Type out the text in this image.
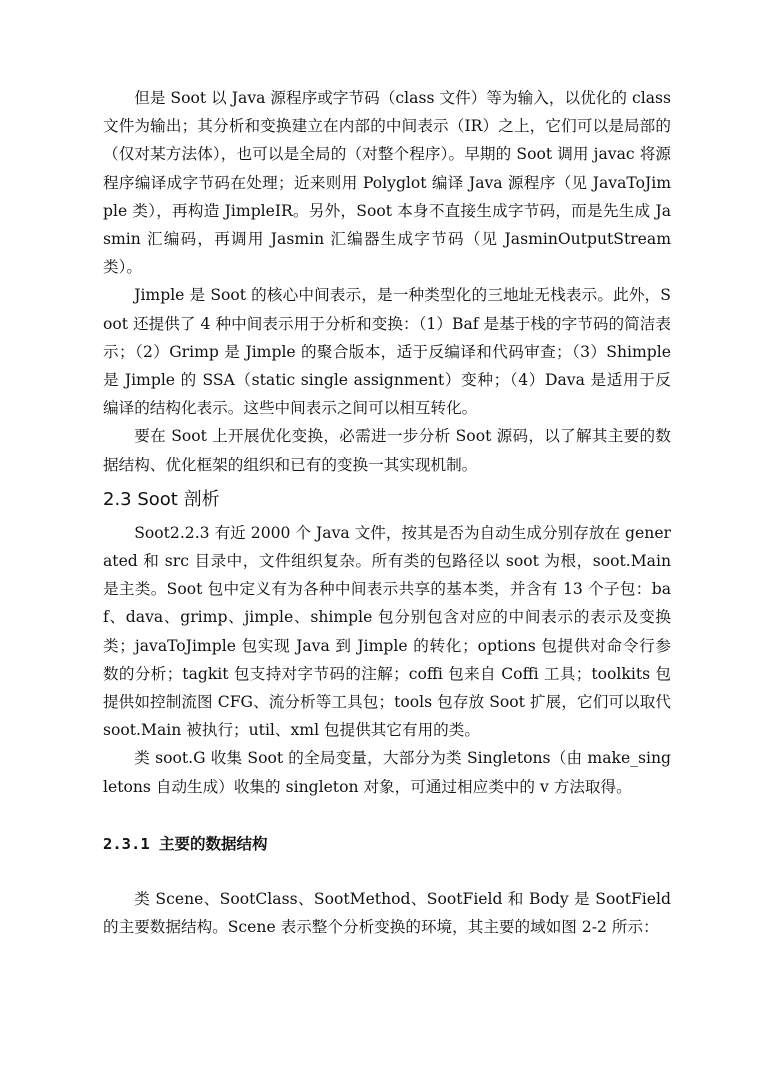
但是 Soot 以 Java 源程序或字节码（class 文件）等为输入，以优化的 class 文件为输出；其分析和变换建立在内部的中间表示（IR）之上，它们可以是局部的（仅对某方法体），也可以是全局的（对整个程序）。早期的 Soot 调用 javac 将源程序编译成字节码在处理；近来则用 Polyglot 编译 Java 源程序（见 JavaToJimple 类），再构造 JimpleIR。另外，Soot 本身不直接生成字节码，而是先生成 Jasmin 汇编码，再调用 Jasmin 汇编器生成字节码（见 JasminOutputStream 类）。

Jimple 是 Soot 的核心中间表示，是一种类型化的三地址无栈表示。此外，Soot 还提供了 4 种中间表示用于分析和变换：（1）Baf 是基于栈的字节码的简洁表示；（2）Grimp 是 Jimple 的聚合版本，适于反编译和代码审查；（3）Shimple 是 Jimple 的 SSA（static single assignment）变种；（4）Dava 是适用于反编译的结构化表示。这些中间表示之间可以相互转化。

要在 Soot 上开展优化变换，必需进一步分析 Soot 源码，以了解其主要的数据结构、优化框架的组织和已有的变换一其实现机制。

2.3 Soot 剖析

Soot2.2.3 有近 2000 个 Java 文件，按其是否为自动生成分别存放在 generated 和 src 目录中，文件组织复杂。所有类的包路径以 soot 为根，soot.Main 是主类。Soot 包中定义有为各种中间表示共享的基本类，并含有 13 个子包：baf、dava、grimp、jimple、shimple 包分别包含对应的中间表示的表示及变换类；javaToJimple 包实现 Java 到 Jimple 的转化；options 包提供对命令行参数的分析；tagkit 包支持对字节码的注解；coffi 包来自 Coffi 工具；toolkits 包提供如控制流图 CFG、流分析等工具包；tools 包存放 Soot 扩展，它们可以取代 soot.Main 被执行；util、xml 包提供其它有用的类。

类 soot.G 收集 Soot 的全局变量，大部分为类 Singletons（由 make_singletons 自动生成）收集的 singleton 对象，可通过相应类中的 v 方法取得。

2.3.1 主要的数据结构

类 Scene、SootClass、SootMethod、SootField 和 Body 是 SootField 的主要数据结构。Scene 表示整个分析变换的环境，其主要的域如图 2-2 所示：
